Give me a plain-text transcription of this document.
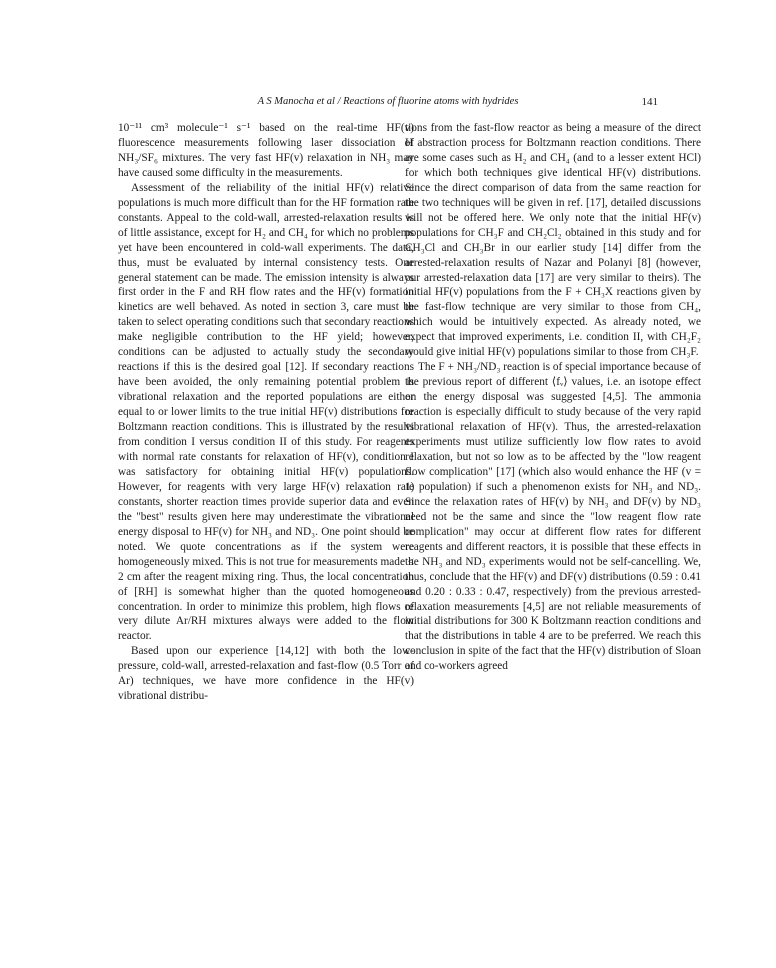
A S Manocha et al / Reactions of fluorine atoms with hydrides	141

10⁻¹¹ cm³ molecule⁻¹ s⁻¹ based on the real-time HF(v) fluorescence measurements following laser dissociation of NH₃/SF₆ mixtures. The very fast HF(v) relaxation in NH₃ may have caused some difficulty in the measurements.

Assessment of the reliability of the initial HF(v) relative populations is much more difficult than for the HF formation rate constants. Appeal to the cold-wall, arrested-relaxation results is of little assistance, except for H₂ and CH₄ for which no problems yet have been encountered in cold-wall experiments. The data, thus, must be evaluated by internal consistency tests. One general statement can be made. The emission intensity is always first order in the F and RH flow rates and the HF(v) formation kinetics are well behaved. As noted in section 3, care must be taken to select operating conditions such that secondary reactions make negligible contribution to the HF yield; however, conditions can be adjusted to actually study the secondary reactions if this is the desired goal [12]. If secondary reactions have been avoided, the only remaining potential problem is vibrational relaxation and the reported populations are either equal to or lower limits to the true initial HF(v) distributions for Boltzmann reaction conditions. This is illustrated by the results from condition I versus condition II of this study. For reagents with normal rate constants for relaxation of HF(v), condition I was satisfactory for obtaining initial HF(v) populations. However, for reagents with very large HF(v) relaxation rate constants, shorter reaction times provide superior data and even the "best" results given here may underestimate the vibrational energy disposal to HF(v) for NH₃ and ND₃. One point should be noted. We quote concentrations as if the system were homogeneously mixed. This is not true for measurements made ≤ 2 cm after the reagent mixing ring. Thus, the local concentration of [RH] is somewhat higher than the quoted homogeneous concentration. In order to minimize this problem, high flows of very dilute Ar/RH mixtures always were added to the flow reactor.

Based upon our experience [14,12] with both the low-pressure, cold-wall, arrested-relaxation and fast-flow (0.5 Torr of Ar) techniques, we have more confidence in the HF(v) vibrational distribu-

tions from the fast-flow reactor as being a measure of the direct H abstraction process for Boltzmann reaction conditions. There are some cases such as H₂ and CH₄ (and to a lesser extent HCl) for which both techniques give identical HF(v) distributions. Since the direct comparison of data from the same reaction for the two techniques will be given in ref. [17], detailed discussions will not be offered here. We only note that the initial HF(v) populations for CH₃F and CH₂Cl₂ obtained in this study and for CH₃Cl and CH₃Br in our earlier study [14] differ from the arrested-relaxation results of Nazar and Polanyi [8] (however, our arrested-relaxation data [17] are very similar to theirs). The initial HF(v) populations from the F + CH₃X reactions given by the fast-flow technique are very similar to those from CH₄, which would be intuitively expected. As already noted, we expect that improved experiments, i.e. condition II, with CH₂F₂ would give initial HF(v) populations similar to those from CH₃F.

The F + NH₃/ND₃ reaction is of special importance because of the previous report of different ⟨fᵥ⟩ values, i.e. an isotope effect on the energy disposal was suggested [4,5]. The ammonia reaction is especially difficult to study because of the very rapid vibrational relaxation of HF(v). Thus, the arrested-relaxation experiments must utilize sufficiently low flow rates to avoid relaxation, but not so low as to be affected by the "low reagent flow complication" [17] (which also would enhance the HF (v = 1) population) if such a phenomenon exists for NH₃ and ND₃. Since the relaxation rates of HF(v) by NH₃ and DF(v) by ND₃ need not be the same and since the "low reagent flow rate complication" may occur at different flow rates for different reagents and different reactors, it is possible that these effects in the NH₃ and ND₃ experiments would not be self-cancelling. We, thus, conclude that the HF(v) and DF(v) distributions (0.59 : 0.41 and 0.20 : 0.33 : 0.47, respectively) from the previous arrested-relaxation measurements [4,5] are not reliable measurements of initial distributions for 300 K Boltzmann reaction conditions and that the distributions in table 4 are to be preferred. We reach this conclusion in spite of the fact that the HF(v) distribution of Sloan and co-workers agreed
